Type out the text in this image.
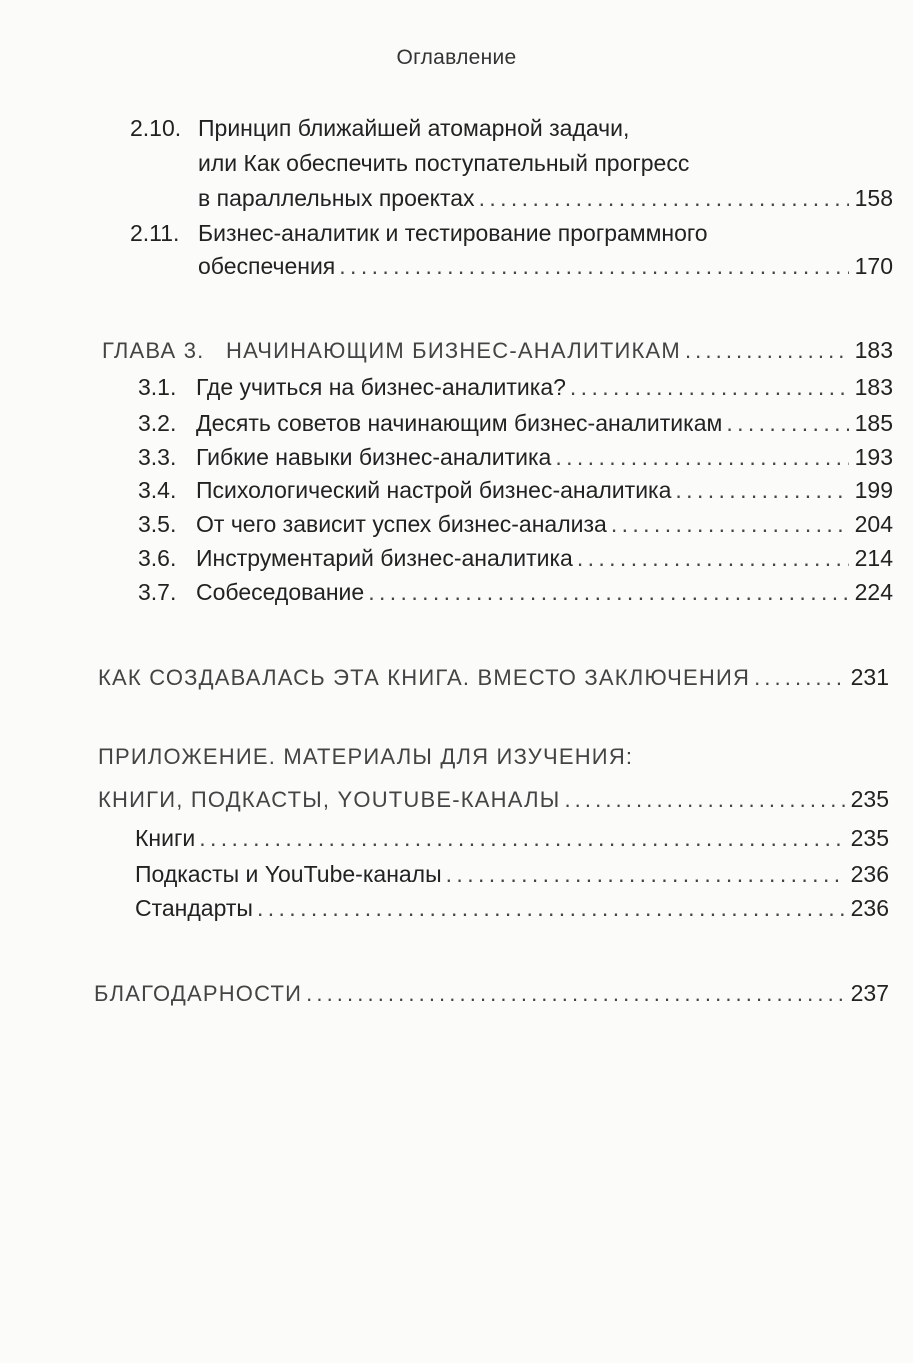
Оглавление
2.10. Принцип ближайшей атомарной задачи,
или Как обеспечить поступательный прогресс
в параллельных проектах . . .	158
2.11. Бизнес-аналитик и тестирование программного
обеспечения . . .	170
ГЛАВА 3. НАЧИНАЮЩИМ БИЗНЕС-АНАЛИТИКАМ . . .	183
3.1. Где учиться на бизнес-аналитика? . . .	183
3.2. Десять советов начинающим бизнес-аналитикам . . .	185
3.3. Гибкие навыки бизнес-аналитика . . .	193
3.4. Психологический настрой бизнес-аналитика . . .	199
3.5. От чего зависит успех бизнес-анализа . . .	204
3.6. Инструментарий бизнес-аналитика . . .	214
3.7. Собеседование . . .	224
КАК СОЗДАВАЛАСЬ ЭТА КНИГА. ВМЕСТО ЗАКЛЮЧЕНИЯ . . .	231
ПРИЛОЖЕНИЕ. МАТЕРИАЛЫ ДЛЯ ИЗУЧЕНИЯ:
КНИГИ, ПОДКАСТЫ, YOUTUBE-КАНАЛЫ . . .	235
Книги . . .	235
Подкасты и YouTube-каналы . . .	236
Стандарты . . .	236
БЛАГОДАРНОСТИ . . .	237
